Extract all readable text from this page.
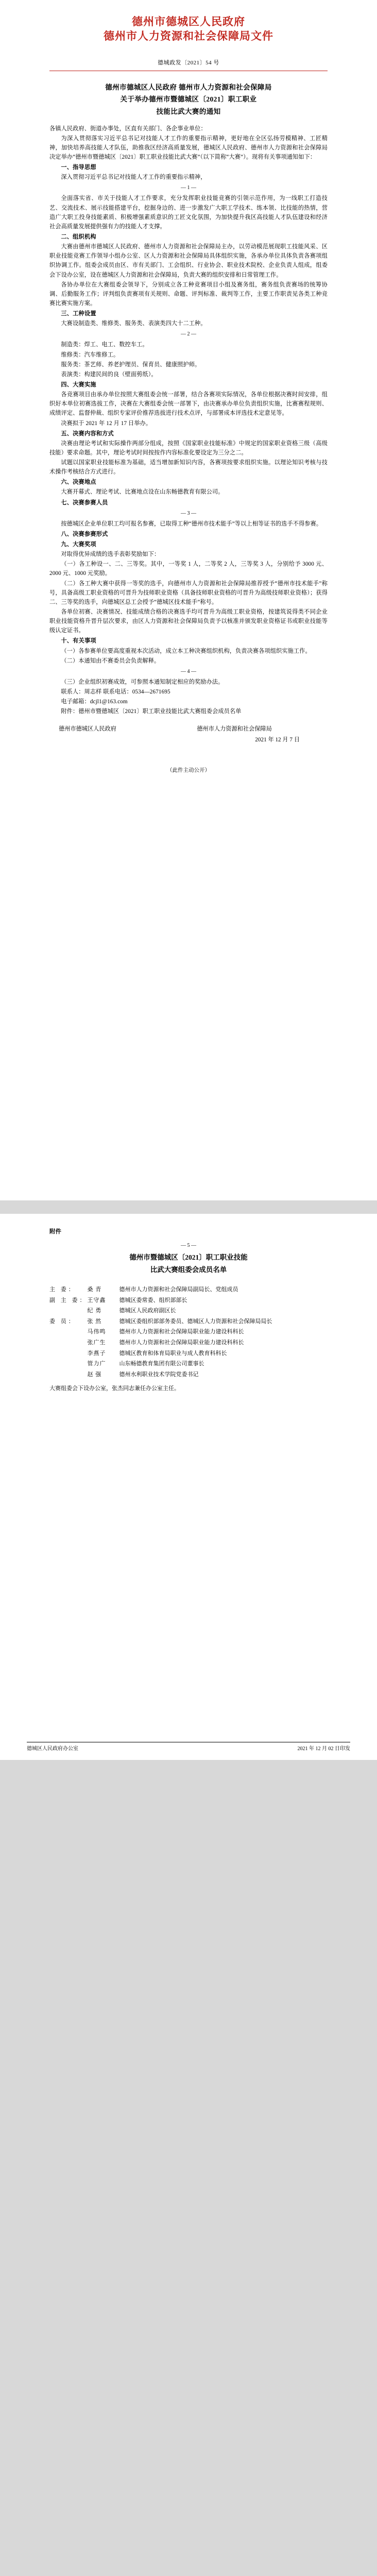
德州市德城区人民政府
德州市人力资源和社会保障局文件
德城政发〔2021〕54 号
德州市德城区人民政府 德州市人力资源和社会保障局
关于举办德州市暨德城区〔2021〕职工职业
技能比武大赛的通知

各镇人民政府、街道办事处，区直有关部门、各企事业单位：

为深入贯彻落实习近平总书记对技能人才工作的重要指示精神，更好地在全区弘扬劳模精神、工匠精神，加快培养高技能人才队伍，助推我区经济高质量发展，德城区人民政府、德州市人力资源和社会保障局决定举办“德州市暨德城区〔2021〕职工职业技能比武大赛”（以下简称“大赛”）。现将有关事项通知如下：

一、指导思想

深入贯彻习近平总书记对技能人才工作的重要指示精神，

— 1 —

全面落实省、市关于技能人才工作要求，充分发挥职业技能竞赛的引领示范作用，为一线职工打造技艺、交流技术、展示技能搭建平台，挖掘身边的、进一步激发广大职工学技术、练本领、比技能的热情，营造广大职工投身技能素质、积极增强素质意识的工匠文化氛围，为加快提升我区高技能人才队伍建设和经济社会高质量发展提供强有力的技能人才支撑。

二、组织机构

大赛由德州市德城区人民政府、德州市人力资源和社会保障局主办，以劳动模范展现职工技能风采、区职业技能竞赛工作领导小组办公室、区人力资源和社会保障局具体组织实施，各承办单位具体负责各赛项组织协调工作。组委会成员由区、市有关部门、工会组织、行业协会、职业技术院校、企业负责人组成，组委会下设办公室，设在德城区人力资源和社会保障局，负责大赛的组织安排和日常管理工作。

各协办单位在大赛组委会领导下，分别成立各工种竞赛项目小组及赛务组，赛务组负责赛场的统筹协调、后勤服务工作；评判组负责赛项有关规则、命题、评判标准、裁判等工作，主要工作职责见各类工种竞赛比赛实施方案。

三、工种设置

大赛设制造类、维修类、服务类、表演类四大十二工种。

— 2 —

制造类：焊工、电工、数控车工。

维修类：汽车维修工。

服务类：茶艺师、养老护理员、保育员、健康照护师。

表演类：构建民间的良（壁面剪纸）。

四、大赛实施

各竞赛项目由承办单位按照大赛组委会统一部署，结合各赛项实际情况，各单位根据决赛时间安排，组织好本单位初赛选拔工作，决赛在大赛组委会统一部署下，由决赛承办单位负责组织实施，比赛赛程规则、成绩评定、监督仲裁、组织专家评价推荐选拔进行技术点评，与部署成本评选技术定意见等。

决赛拟于 2021 年 12 月 17 日举办。

五、决赛内容和方式

决赛由理论考试和实际操作两部分组成，按照《国家职业技能标准》中规定的国家职业资格三级（高级技能）要求命题。其中，理论考试时间按按作内容标准化要设定为三分之二。

试题以国家职业技能标准为基础，适当增加新知识内容，各赛项按要求组织实施。以理论知识考核与技术操作考核结合方式进行。

六、决赛地点

大赛开幕式、理论考试、比赛地点设在山东畅德教育有限公司。

七、决赛参赛人员

— 3 —

按德城区企业单位职工均可报名参赛，已取得工种“德州市技术能手”等以上相等证书的选手不得参赛。

八、决赛参赛形式

九、大赛奖项

对取得优异成绩的选手表彰奖励如下：

（一）各工种设一、二、三等奖。其中，一等奖 1 人，二等奖 2 人，三等奖 3 人，分别给予 3000 元、2000 元、1000 元奖励。

（二）各工种大赛中获得一等奖的选手，向德州市人力资源和社会保障局推荐授予“德州市技术能手”称号，具备高级工职业资格的可晋升为技师职业资格（具备技师职业资格的可晋升为高级技师职业资格）；获得二、三等奖的选手，向德城区总工会授予“德城区技术能手”称号。

各单位初赛、决赛情况、技能成绩合格的决赛选手均可晋升为高级工职业资格，按建筑说得类不同企业职业技能资格升晋升层次要求，由区人力资源和社会保障局负责予以核准并颁发职业资格证书或职业技能等级认定证书。

十、有关事项

（一）各参赛单位要高度重视本次活动，成立本工种决赛组织机构，负责决赛各项组织实施工作。

（二）本通知由不赛委员会负责解释。

— 4 —

（三）企业组织初赛成效，可参照本通知制定相应的奖励办法。

联系人：周志样 联系电话：0534—2671695

电子邮箱：dcjl1@163.com

附件：德州市暨德城区〔2021〕职工职业技能比武大赛组委会成员名单

德州市德城区人民政府	德州市人力资源和社会保障局
2021 年 12 月 7 日
（此件主动公开）
附件
— 5 —
德州市暨德城区〔2021〕职工职业技能
比武大赛组委会成员名单
主 委：	桑 青	德州市人力资源和社会保障局副局长、党组成员
副 主 委：	王守鑫	德城区委常委、组织部部长
	纪 勇	德城区人民政府副区长
委 员：	张 然	德城区委组织部部务委员、德城区人力资源和社会保障局局长
	马伟鸣	德州市人力资源和社会保障局职业能力建设科科长
	张广生	德州市人力资源和社会保障局职业能力建设科科长
	李燕子	德城区教育和体育局职业与成人教育科科长
	管力广	山东畅德教育集团有限公司董事长
	赵 强	德州水利职业技术学院党委书记
大赛组委会下设办公室，张杰同志兼任办公室主任。
德城区人民政府办公室	2021 年 12 月 02 日印发
